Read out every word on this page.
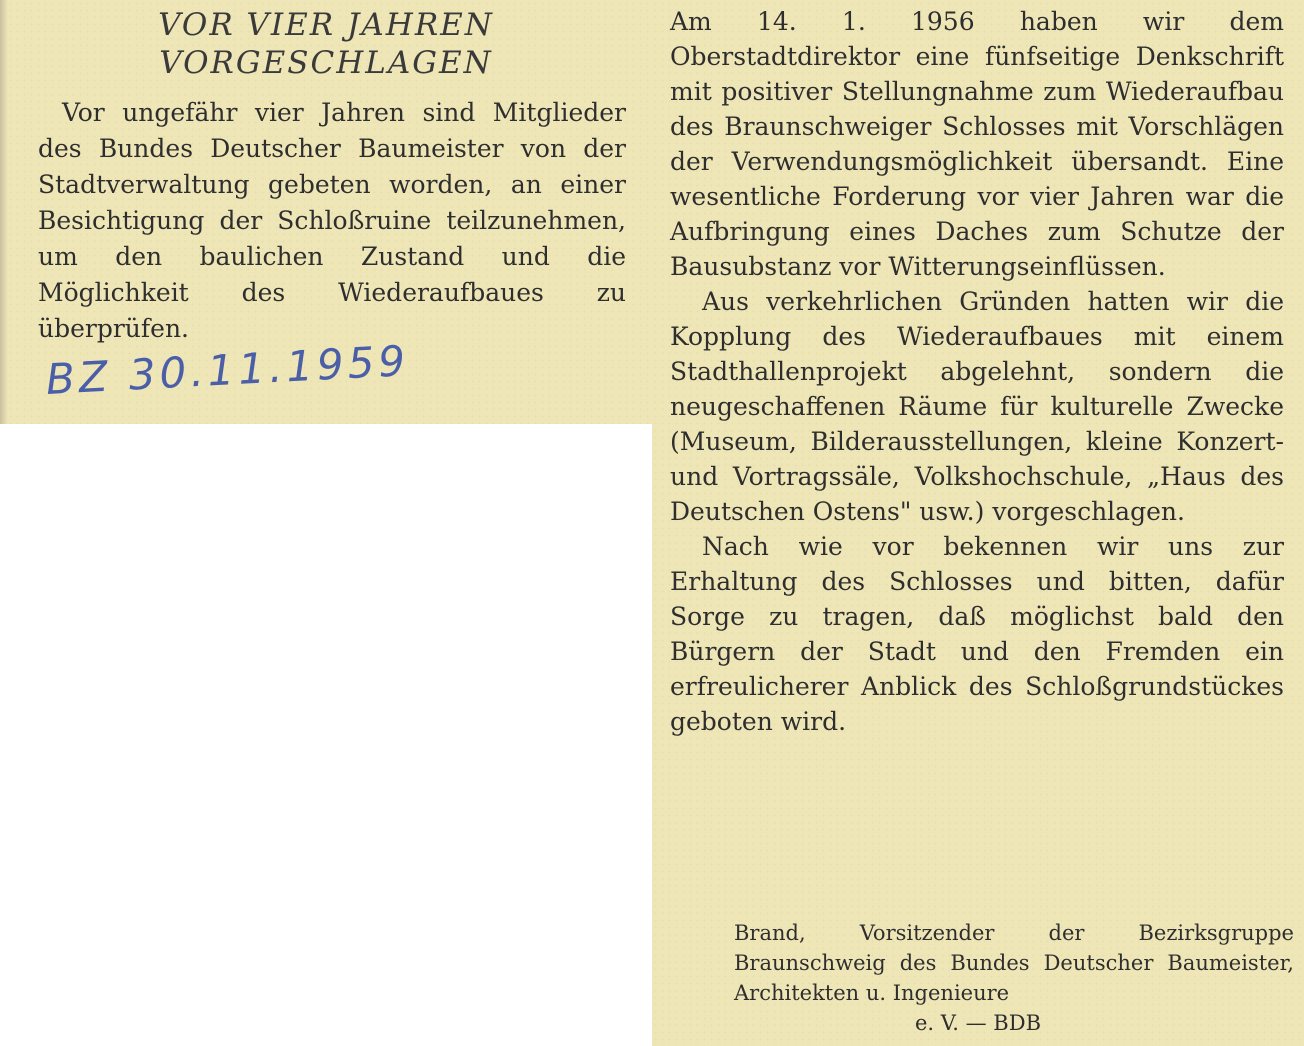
VOR VIER JAHREN
VORGESCHLAGEN

Vor ungefähr vier Jahren sind Mitglieder des Bundes Deutscher Baumeister von der Stadtverwaltung gebeten worden, an einer Besichtigung der Schloßruine teilzunehmen, um den baulichen Zustand und die Möglichkeit des Wiederaufbaues zu überprüfen.

BZ 30.11.1959

Am 14. 1. 1956 haben wir dem Oberstadtdirektor eine fünfseitige Denkschrift mit positiver Stellungnahme zum Wiederaufbau des Braunschweiger Schlosses mit Vorschlägen der Verwendungsmöglichkeit übersandt. Eine wesentliche Forderung vor vier Jahren war die Aufbringung eines Daches zum Schutze der Bausubstanz vor Witterungseinflüssen.

Aus verkehrlichen Gründen hatten wir die Kopplung des Wiederaufbaues mit einem Stadthallenprojekt abgelehnt, sondern die neugeschaffenen Räume für kulturelle Zwecke (Museum, Bilderausstellungen, kleine Konzert- und Vortragssäle, Volkshochschule, „Haus des Deutschen Ostens" usw.) vorgeschlagen.

Nach wie vor bekennen wir uns zur Erhaltung des Schlosses und bitten, dafür Sorge zu tragen, daß möglichst bald den Bürgern der Stadt und den Fremden ein erfreulicherer Anblick des Schloßgrundstückes geboten wird.

Brand, Vorsitzender der Bezirksgruppe Braunschweig des Bundes Deutscher Baumeister, Architekten u. Ingenieure
e. V. — BDB
